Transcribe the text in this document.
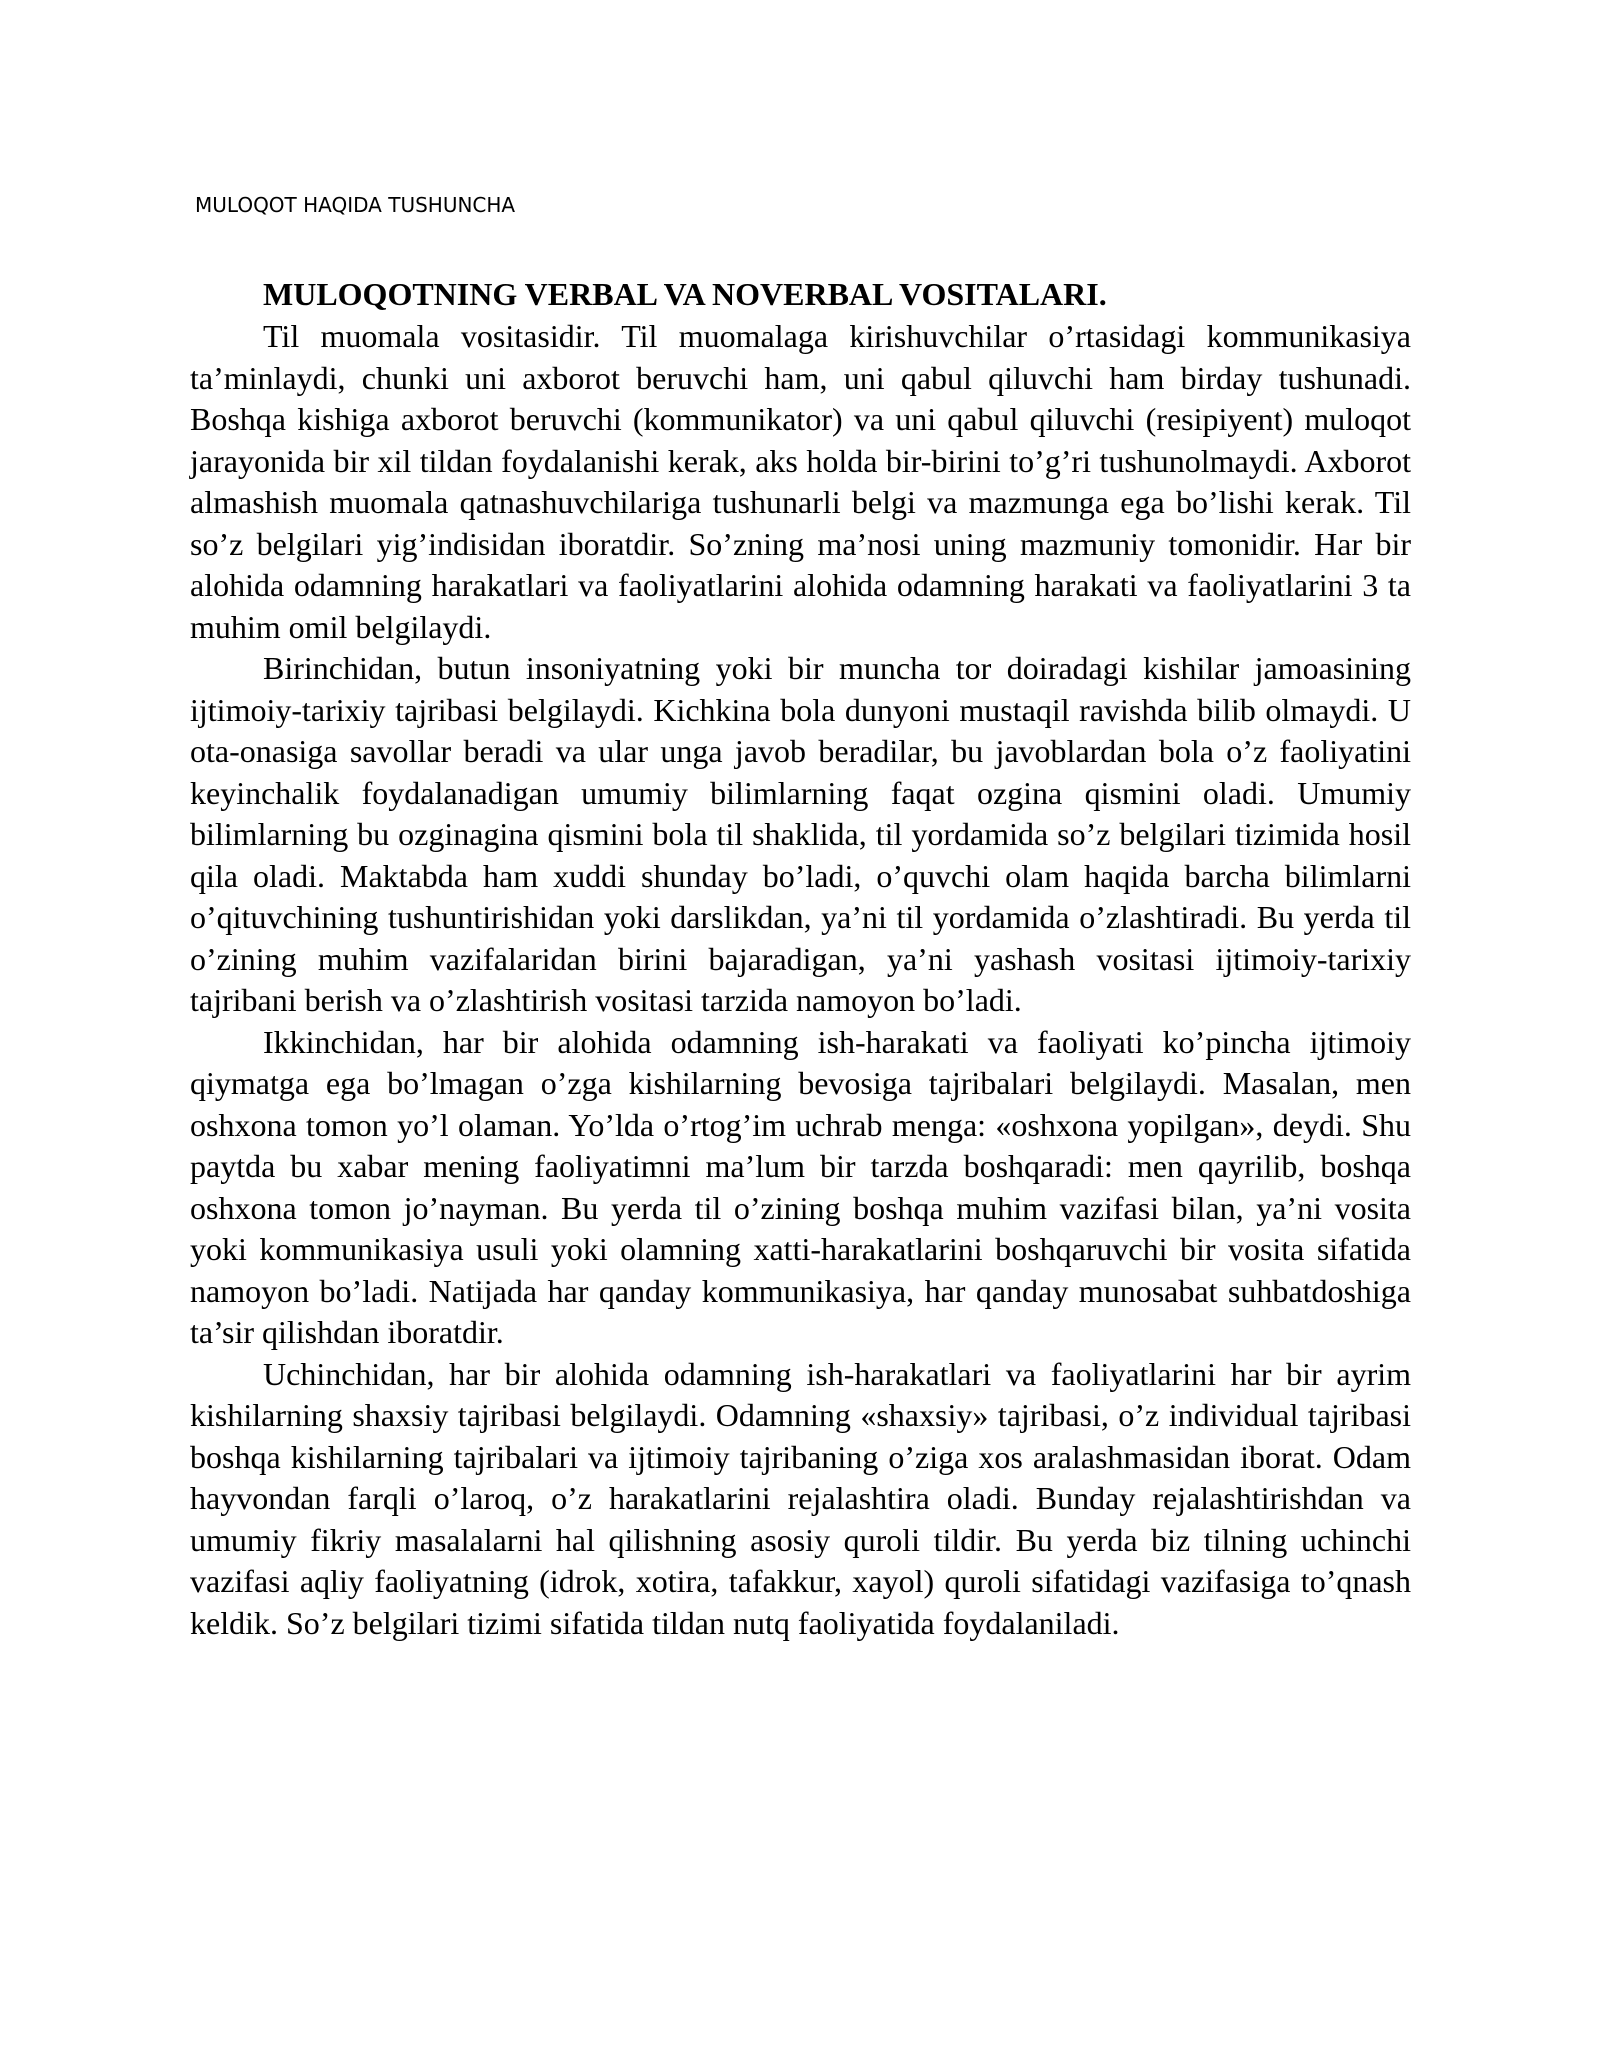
MULOQOT HAQIDA TUSHUNCHA
MULOQOTNING VERBAL VA NOVERBAL VOSITALARI.

Til muomala vositasidir. Til muomalaga kirishuvchilar o’rtasidagi kommunikasiya ta’minlaydi, chunki uni axborot beruvchi ham, uni qabul qiluvchi ham birday tushunadi. Boshqa kishiga axborot beruvchi (kommunikator) va uni qabul qiluvchi (resipiyent) muloqot jarayonida bir xil tildan foydalanishi kerak, aks holda bir-birini to’g’ri tushunolmaydi. Axborot almashish muomala qatnashuvchilariga tushunarli belgi va mazmunga ega bo’lishi kerak. Til so’z belgilari yig’indisidan iboratdir. So’zning ma’nosi uning mazmuniy tomonidir. Har bir alohida odamning harakatlari va faoliyatlarini alohida odamning harakati va faoliyatlarini 3 ta muhim omil belgilaydi.

Birinchidan, butun insoniyatning yoki bir muncha tor doiradagi kishilar jamoasining ijtimoiy-tarixiy tajribasi belgilaydi. Kichkina bola dunyoni mustaqil ravishda bilib olmaydi. U ota-onasiga savollar beradi va ular unga javob beradilar, bu javoblardan bola o’z faoliyatini keyinchalik foydalanadigan umumiy bilimlarning faqat ozgina qismini oladi. Umumiy bilimlarning bu ozginagina qismini bola til shaklida, til yordamida so’z belgilari tizimida hosil qila oladi. Maktabda ham xuddi shunday bo’ladi, o’quvchi olam haqida barcha bilimlarni o’qituvchining tushuntirishidan yoki darslikdan, ya’ni til yordamida o’zlashtiradi. Bu yerda til o’zining muhim vazifalaridan birini bajaradigan, ya’ni yashash vositasi ijtimoiy-tarixiy tajribani berish va o’zlashtirish vositasi tarzida namoyon bo’ladi.

Ikkinchidan, har bir alohida odamning ish-harakati va faoliyati ko’pincha ijtimoiy qiymatga ega bo’lmagan o’zga kishilarning bevosiga tajribalari belgilaydi. Masalan, men oshxona tomon yo’l olaman. Yo’lda o’rtog’im uchrab menga: «oshxona yopilgan», deydi. Shu paytda bu xabar mening faoliyatimni ma’lum bir tarzda boshqaradi: men qayrilib, boshqa oshxona tomon jo’nayman. Bu yerda til o’zining boshqa muhim vazifasi bilan, ya’ni vosita yoki kommunikasiya usuli yoki olamning xatti-harakatlarini boshqaruvchi bir vosita sifatida namoyon bo’ladi. Natijada har qanday kommunikasiya, har qanday munosabat suhbatdoshiga ta’sir qilishdan iboratdir.

Uchinchidan, har bir alohida odamning ish-harakatlari va faoliyatlarini har bir ayrim kishilarning shaxsiy tajribasi belgilaydi. Odamning «shaxsiy» tajribasi, o’z individual tajribasi boshqa kishilarning tajribalari va ijtimoiy tajribaning o’ziga xos aralashmasidan iborat. Odam hayvondan farqli o’laroq, o’z harakatlarini rejalashtira oladi. Bunday rejalashtirishdan va umumiy fikriy masalalarni hal qilishning asosiy quroli tildir. Bu yerda biz tilning uchinchi vazifasi aqliy faoliyatning (idrok, xotira, tafakkur, xayol) quroli sifatidagi vazifasiga to’qnash keldik. So’z belgilari tizimi sifatida tildan nutq faoliyatida foydalaniladi.
